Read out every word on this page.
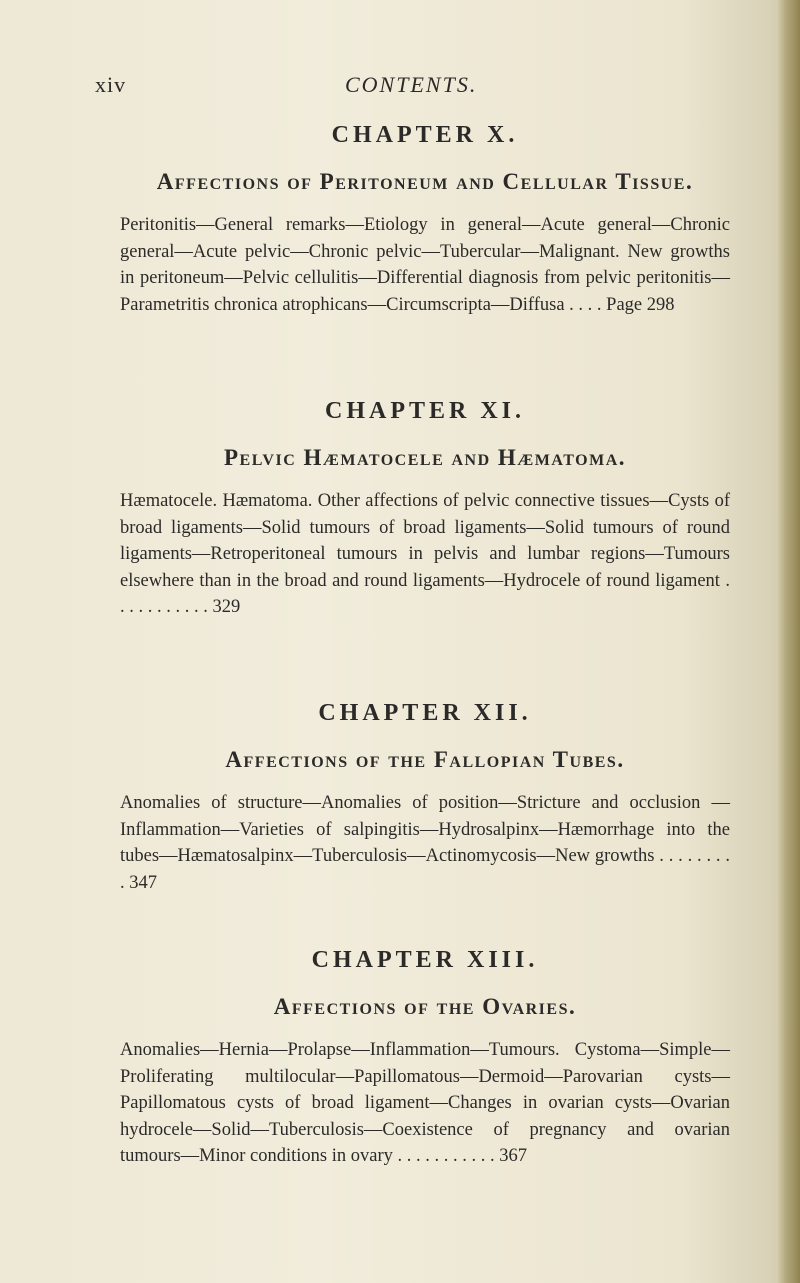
xiv	CONTENTS.
CHAPTER X.
Affections of Peritoneum and Cellular Tissue.

Peritonitis—General remarks—Etiology in general—Acute general—Chronic general—Acute pelvic—Chronic pelvic—Tubercular—Malignant. New growths in peritoneum—Pelvic cellulitis—Differential diagnosis from pelvic peritonitis—Parametritis chronica atrophicans—Circumscripta—Diffusa . . . . Page 298

CHAPTER XI.
Pelvic Hæmatocele and Hæmatoma.

Hæmatocele. Hæmatoma. Other affections of pelvic connective tissues—Cysts of broad ligaments—Solid tumours of broad ligaments—Solid tumours of round ligaments—Retroperitoneal tumours in pelvis and lumbar regions—Tumours elsewhere than in the broad and round ligaments—Hydrocele of round ligament . . . . . . . . . . . 329

CHAPTER XII.
Affections of the Fallopian Tubes.

Anomalies of structure—Anomalies of position—Stricture and occlusion —Inflammation—Varieties of salpingitis—Hydrosalpinx—Hæmorrhage into the tubes—Hæmatosalpinx—Tuberculosis—Actinomycosis—New growths . . . . . . . . . 347

CHAPTER XIII.
Affections of the Ovaries.

Anomalies—Hernia—Prolapse—Inflammation—Tumours. Cystoma—Simple—Proliferating multilocular—Papillomatous—Dermoid—Parovarian cysts—Papillomatous cysts of broad ligament—Changes in ovarian cysts—Ovarian hydrocele—Solid—Tuberculosis—Coexistence of pregnancy and ovarian tumours—Minor conditions in ovary . . . . . . . . . . . 367
